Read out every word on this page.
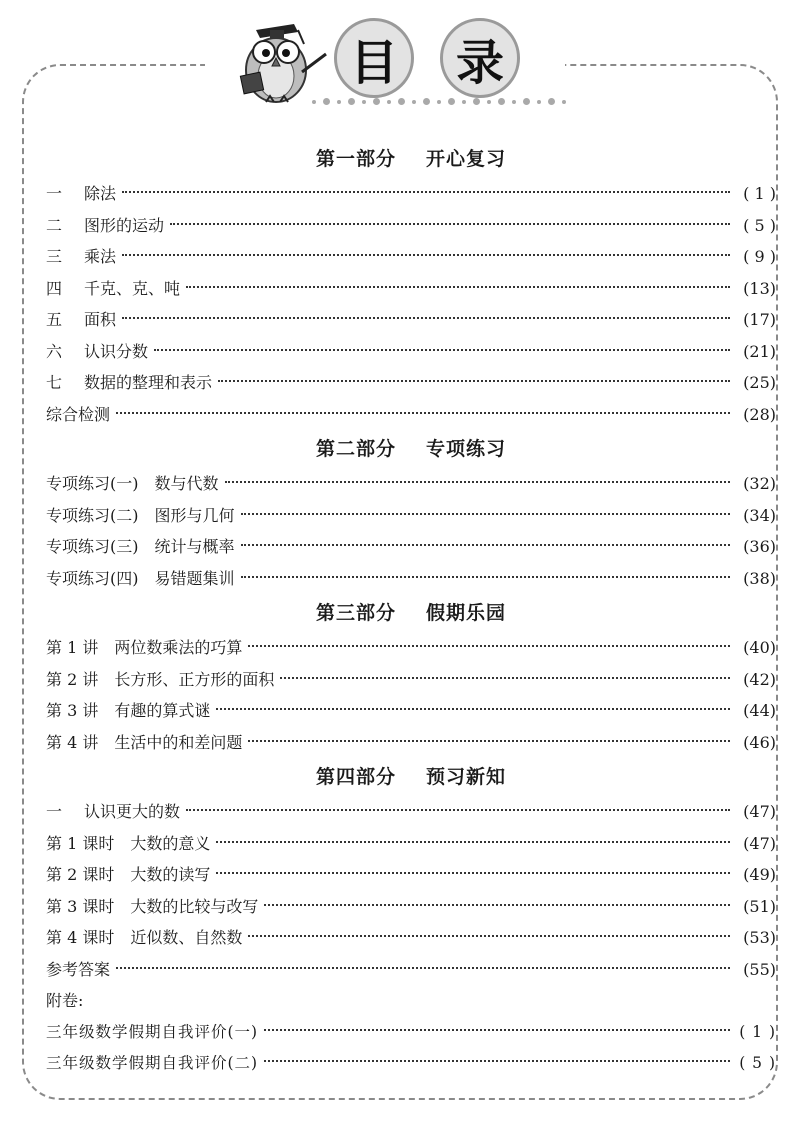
目	录
第一部分 开心复习
一 除法	( 1 )
二 图形的运动	( 5 )
三 乘法	( 9 )
四 千克、克、吨	(13)
五 面积	(17)
六 认识分数	(21)
七 数据的整理和表示	(25)
综合检测	(28)
第二部分 专项练习
专项练习(一) 数与代数	(32)
专项练习(二) 图形与几何	(34)
专项练习(三) 统计与概率	(36)
专项练习(四) 易错题集训	(38)
第三部分 假期乐园
第 1 讲 两位数乘法的巧算	(40)
第 2 讲 长方形、正方形的面积	(42)
第 3 讲 有趣的算式谜	(44)
第 4 讲 生活中的和差问题	(46)
第四部分 预习新知
一 认识更大的数	(47)
第 1 课时 大数的意义	(47)
第 2 课时 大数的读写	(49)
第 3 课时 大数的比较与改写	(51)
第 4 课时 近似数、自然数	(53)
参考答案	(55)
附卷:
三年级数学假期自我评价(一)	( 1 )
三年级数学假期自我评价(二)	( 5 )
